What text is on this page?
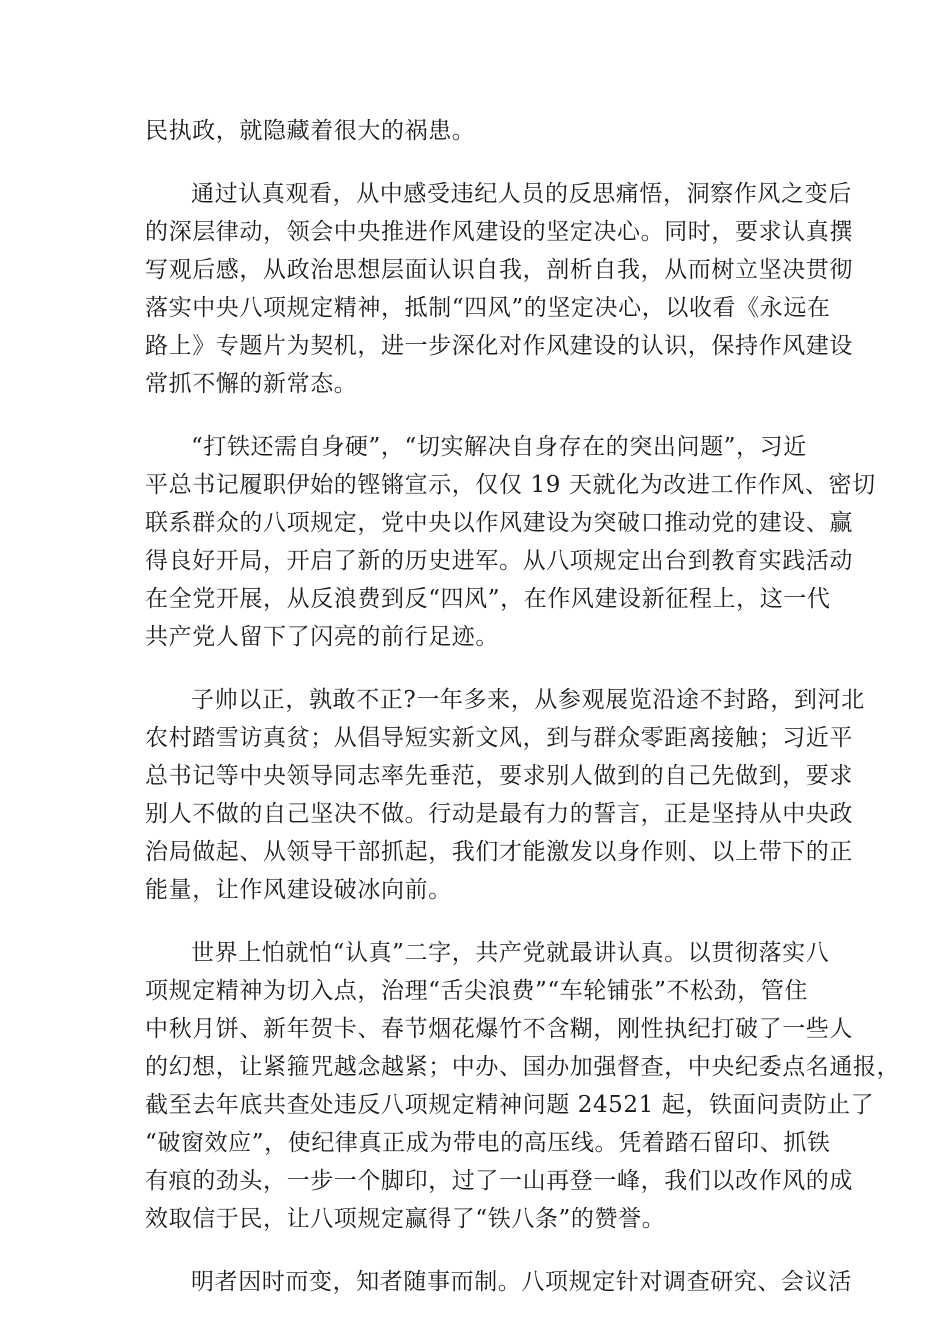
民执政，就隐藏着很大的祸患。
通过认真观看，从中感受违纪人员的反思痛悟，洞察作风之变后
的深层律动，领会中央推进作风建设的坚定决心。同时，要求认真撰
写观后感，从政治思想层面认识自我，剖析自我，从而树立坚决贯彻
落实中央八项规定精神，抵制“四风”的坚定决心，以收看《永远在
路上》专题片为契机，进一步深化对作风建设的认识，保持作风建设
常抓不懈的新常态。
“打铁还需自身硬”，“切实解决自身存在的突出问题”，习近
平总书记履职伊始的铿锵宣示，仅仅 19 天就化为改进工作作风、密切
联系群众的八项规定，党中央以作风建设为突破口推动党的建设、赢
得良好开局，开启了新的历史进军。从八项规定出台到教育实践活动
在全党开展，从反浪费到反“四风”，在作风建设新征程上，这一代
共产党人留下了闪亮的前行足迹。
子帅以正，孰敢不正?一年多来，从参观展览沿途不封路，到河北
农村踏雪访真贫；从倡导短实新文风，到与群众零距离接触；习近平
总书记等中央领导同志率先垂范，要求别人做到的自己先做到，要求
别人不做的自己坚决不做。行动是最有力的誓言，正是坚持从中央政
治局做起、从领导干部抓起，我们才能激发以身作则、以上带下的正
能量，让作风建设破冰向前。
世界上怕就怕“认真”二字，共产党就最讲认真。以贯彻落实八
项规定精神为切入点，治理“舌尖浪费”“车轮铺张”不松劲，管住
中秋月饼、新年贺卡、春节烟花爆竹不含糊，刚性执纪打破了一些人
的幻想，让紧箍咒越念越紧；中办、国办加强督查，中央纪委点名通报，
截至去年底共查处违反八项规定精神问题 24521 起，铁面问责防止了
“破窗效应”，使纪律真正成为带电的高压线。凭着踏石留印、抓铁
有痕的劲头，一步一个脚印，过了一山再登一峰，我们以改作风的成
效取信于民，让八项规定赢得了“铁八条”的赞誉。
明者因时而变，知者随事而制。八项规定针对调查研究、会议活
